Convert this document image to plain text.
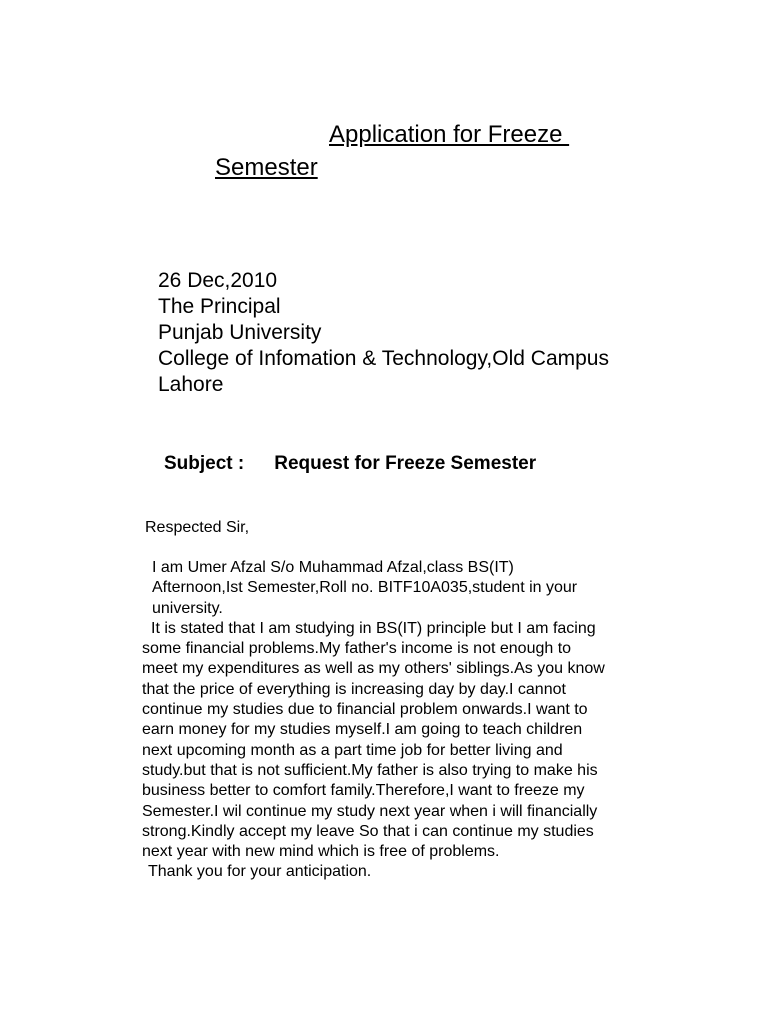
Application for Freeze
Semester
26 Dec,2010
The Principal
Punjab University
College of Infomation & Technology,Old Campus
Lahore
Subject : Request for Freeze Semester
Respected Sir,
I am Umer Afzal S/o Muhammad Afzal,class BS(IT)
Afternoon,Ist Semester,Roll no. BITF10A035,student in your
university.
It is stated that I am studying in BS(IT) principle but I am facing
some financial problems.My father's income is not enough to
meet my expenditures as well as my others' siblings.As you know
that the price of everything is increasing day by day.I cannot
continue my studies due to financial problem onwards.I want to
earn money for my studies myself.I am going to teach children
next upcoming month as a part time job for better living and
study.but that is not sufficient.My father is also trying to make his
business better to comfort family.Therefore,I want to freeze my
Semester.I wil continue my study next year when i will financially
strong.Kindly accept my leave So that i can continue my studies
next year with new mind which is free of problems.
Thank you for your anticipation.
